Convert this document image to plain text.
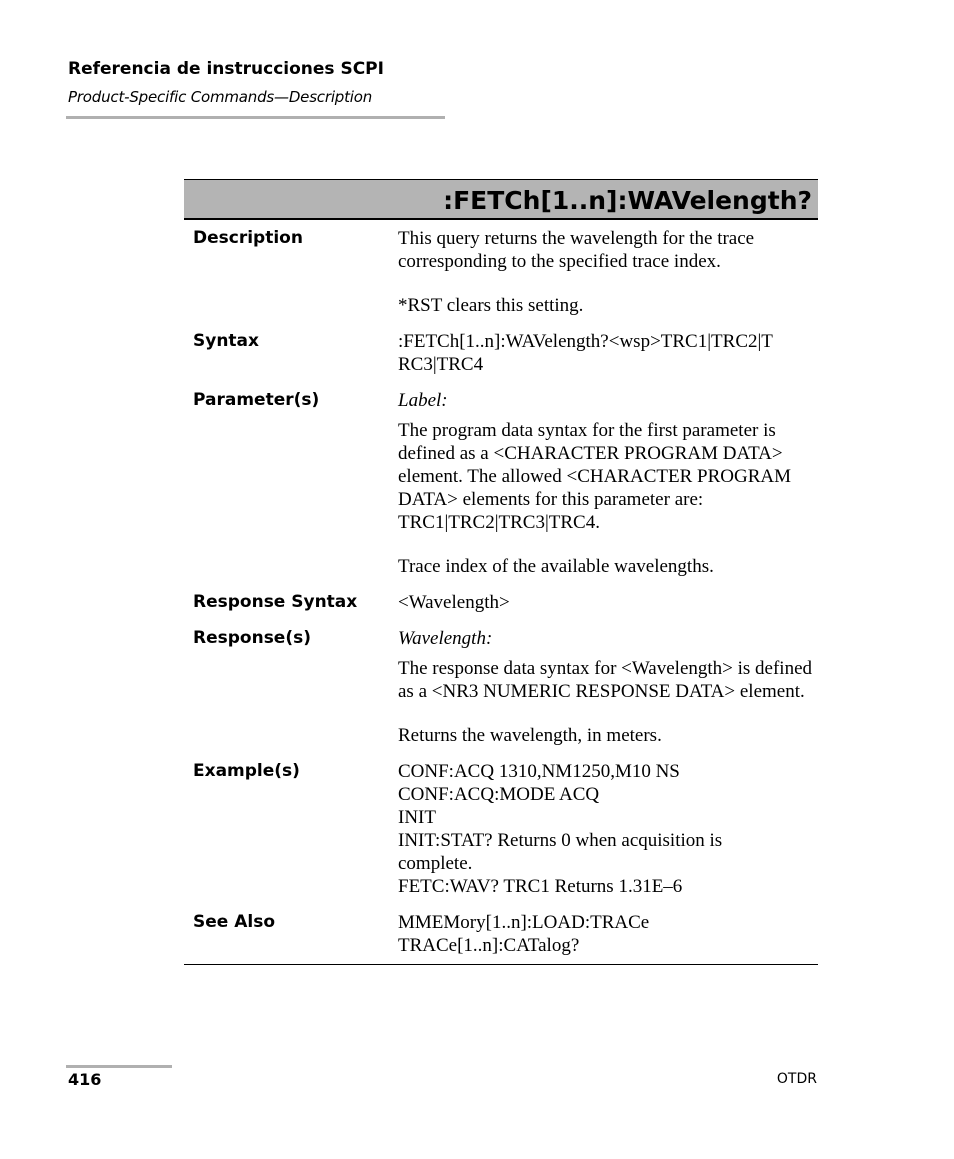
Referencia de instrucciones SCPI
Product-Specific Commands—Description
:FETCh[1..n]:WAVelength?
Description	This query returns the wavelength for the trace corresponding to the specified trace index.
*RST clears this setting.
Syntax	:FETCh[1..n]:WAVelength?<wsp>TRC1|TRC2|T
RC3|TRC4
Parameter(s)	Label:
The program data syntax for the first parameter is defined as a <CHARACTER PROGRAM DATA> element. The allowed <CHARACTER PROGRAM DATA> elements for this parameter are: TRC1|TRC2|TRC3|TRC4.
Trace index of the available wavelengths.
Response Syntax	<Wavelength>
Response(s)	Wavelength:
The response data syntax for <Wavelength> is defined as a <NR3 NUMERIC RESPONSE DATA> element.
Returns the wavelength, in meters.
Example(s)	CONF:ACQ 1310,NM1250,M10 NS
CONF:ACQ:MODE ACQ
INIT
INIT:STAT? Returns 0 when acquisition is
complete.
FETC:WAV? TRC1 Returns 1.31E–6
See Also	MMEMory[1..n]:LOAD:TRACe
TRACe[1..n]:CATalog?
416	OTDR
